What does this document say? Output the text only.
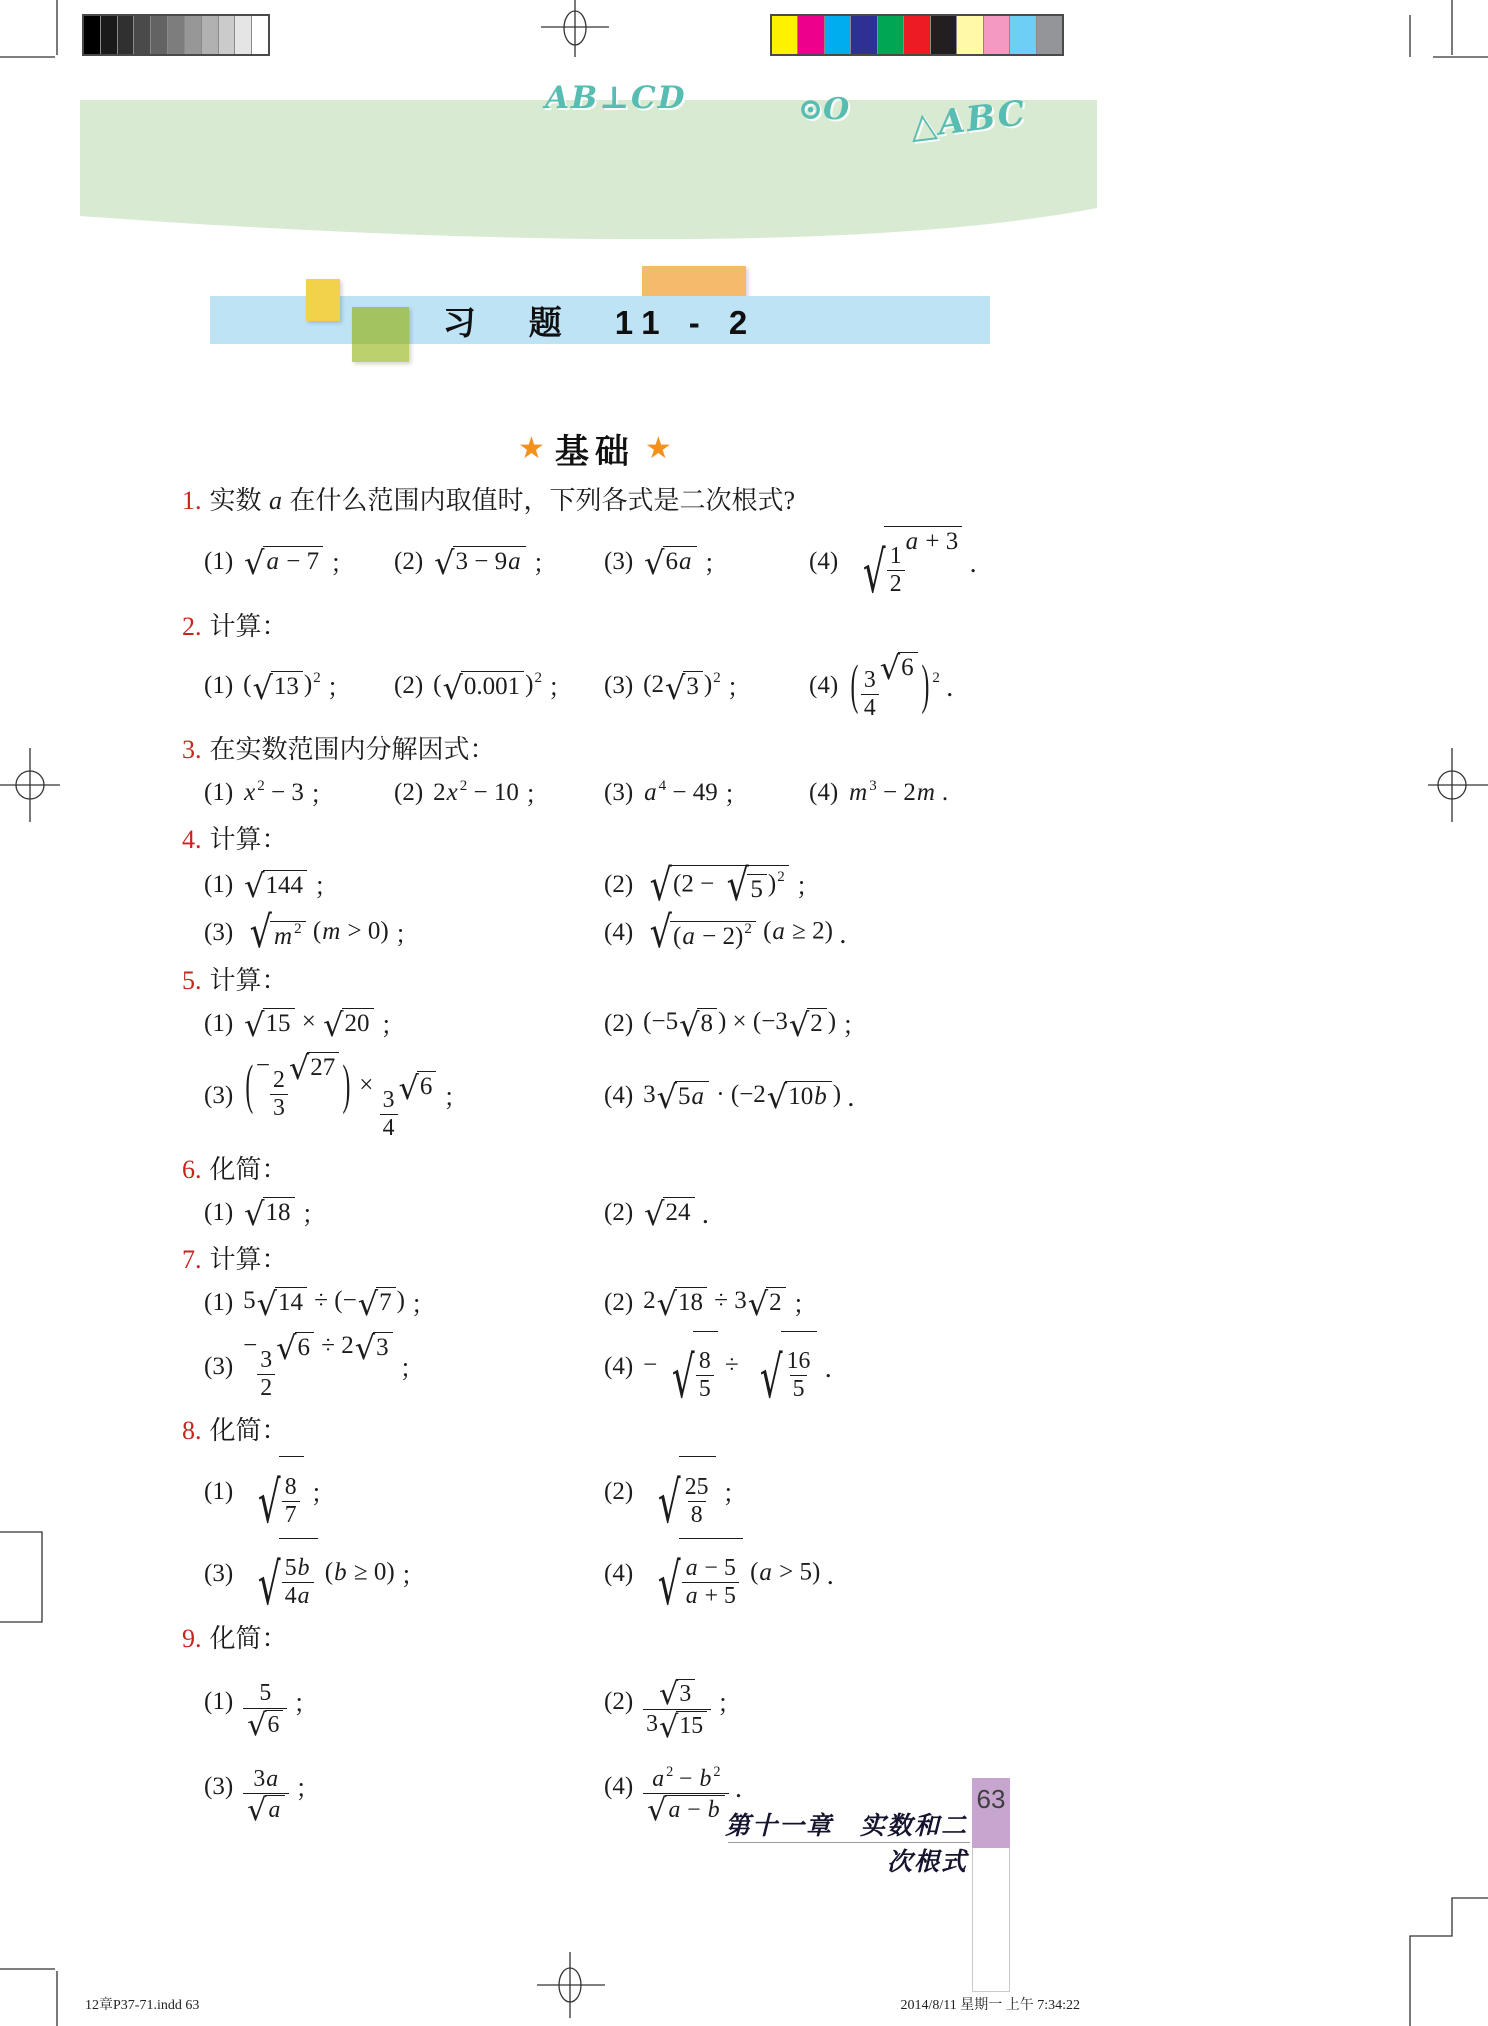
AB⊥CD	⊙O △ABC
习　题　11 - 2
★ 基础 ★
1. 实数 a 在什么范围内取值时，下列各式是二次根式?
(1) √ a − 7 ； (2) √ 3 − 9a ； (3) √ 6a ；	(4) √ $\frac{1}{2}$
a + 3
．
2. 计算：
(1) ( √ 13 )$^2$ ； (2) ( √ 0.001 )$^2$ ； (3) (2 √ 3 )$^2$ ； (4) ( $\frac{3}{4}$ √ 6 ) $^2$ ．
3. 在实数范围内分解因式：
(1) x $^2$ − 3 ； (2) 2x $^2$ − 10 ； (3) a $^4$ − 49 ； (4) m $^3$ − 2m .
4. 计算：
(1) √ 144 ；	(2) √ (2 − √ 5 )$^2$ ；
(3) √ m $^2$ (m > 0) ；	(4) √ $(a - 2)^2$ (a ≥ 2) ．
5. 计算：
(1) √ 15 × √ 20 ；	(2) (−5 √ 8 ) × (−3 √ 2 ) ；
(3) ( −
$\frac{2}{3}$ √ 27 ) ×
$\frac{3}{4}$ √ 6 ；	(4) 3 √ 5a · (−2 √ 10b ) ．
6. 化简：
(1) √ 18 ；	(2) √ 24 ．
7. 计算：
(1) 5 √ 14 ÷ (− √ 7 ) ；	(2) 2 √ 18 ÷ 3 √ 2 ；
(3)
−
$\frac{3}{2}$ √ 6 ÷ 2 √ 3
；	(4) − √ $\frac{8}{5}$ ÷ √ $\frac{16}{5}$ ．
8. 化简：
(1) √ $\frac{8}{7}$ ；	(2) √ $\frac{25}{8}$ ；
(3) √ $\frac{5b}{4a} (b \ge 0)$ ；	(4) √ $\frac{a - 5}{a + 5} (a > 5)$ ．
9. 化简：
$(1) \frac{5}{√ 6}$ ；	$(2) \frac{√ 3}{3 √ 15}$ ；
$(3) \frac{3a}{√ a}$ ；	$(4) \frac{a ^2 - b ^2}{√ a - b}$ ．
第十一章　实数和二次根式
63
12章P37-71.indd 63	2014/8/11 星期一 上午 7:34:22
